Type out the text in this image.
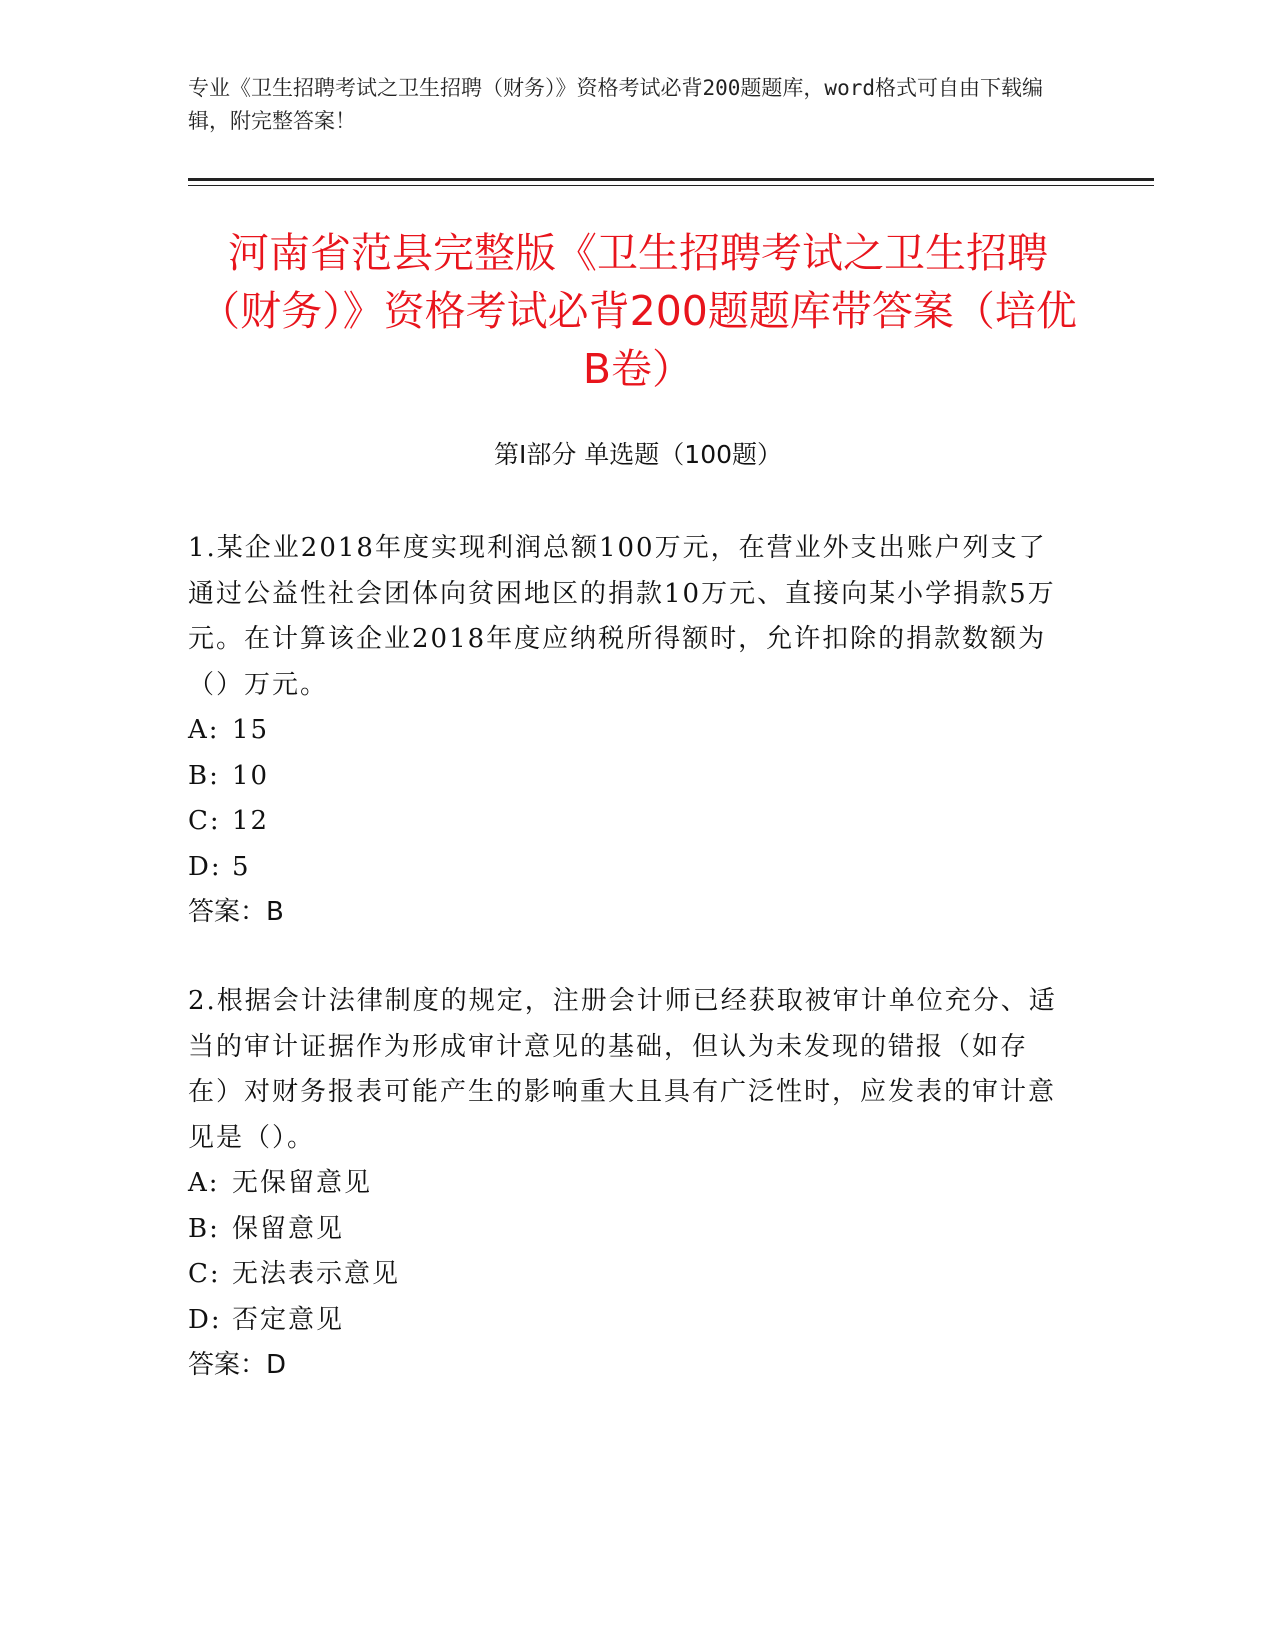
专业《卫生招聘考试之卫生招聘（财务）》资格考试必背200题题库，word格式可自由下载编辑，附完整答案！
河南省范县完整版《卫生招聘考试之卫生招聘（财务）》资格考试必背200题题库带答案（培优B卷）
第Ⅰ部分 单选题（100题）

1.某企业2018年度实现利润总额100万元，在营业外支出账户列支了通过公益性社会团体向贫困地区的捐款10万元、直接向某小学捐款5万元。在计算该企业2018年度应纳税所得额时，允许扣除的捐款数额为（）万元。

A: 15
B: 10
C: 12
D: 5

答案：B

2.根据会计法律制度的规定，注册会计师已经获取被审计单位充分、适当的审计证据作为形成审计意见的基础，但认为未发现的错报（如存在）对财务报表可能产生的影响重大且具有广泛性时，应发表的审计意见是（）。

A: 无保留意见
B: 保留意见
C: 无法表示意见
D: 否定意见

答案：D
